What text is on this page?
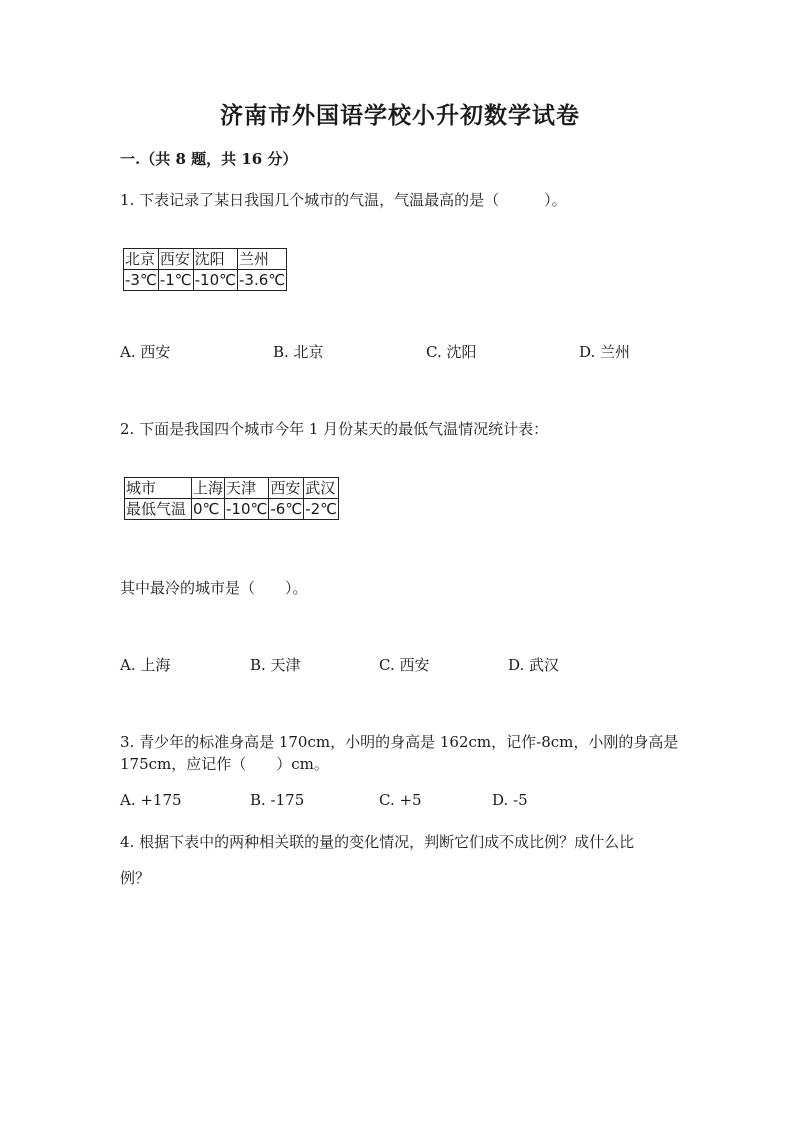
济南市外国语学校小升初数学试卷
一.（共 8 题，共 16 分）
1. 下表记录了某日我国几个城市的气温，气温最高的是（　　　）。
北京	西安	沈阳	兰州
-3℃	-1℃	-10℃	-3.6℃
A. 西安	B. 北京	C. 沈阳	D. 兰州
2. 下面是我国四个城市今年 1 月份某天的最低气温情况统计表：
城市	上海	天津	西安	武汉
最低气温	0℃	-10℃	-6℃	-2℃
其中最冷的城市是（　　）。
A. 上海	B. 天津	C. 西安	D. 武汉
3. 青少年的标准身高是 170cm，小明的身高是 162cm，记作-8cm，小刚的身高是
175cm，应记作（　　）cm。
A. +175	B. -175	C. +5	D. -5
4. 根据下表中的两种相关联的量的变化情况，判断它们成不成比例？成什么比
例？
